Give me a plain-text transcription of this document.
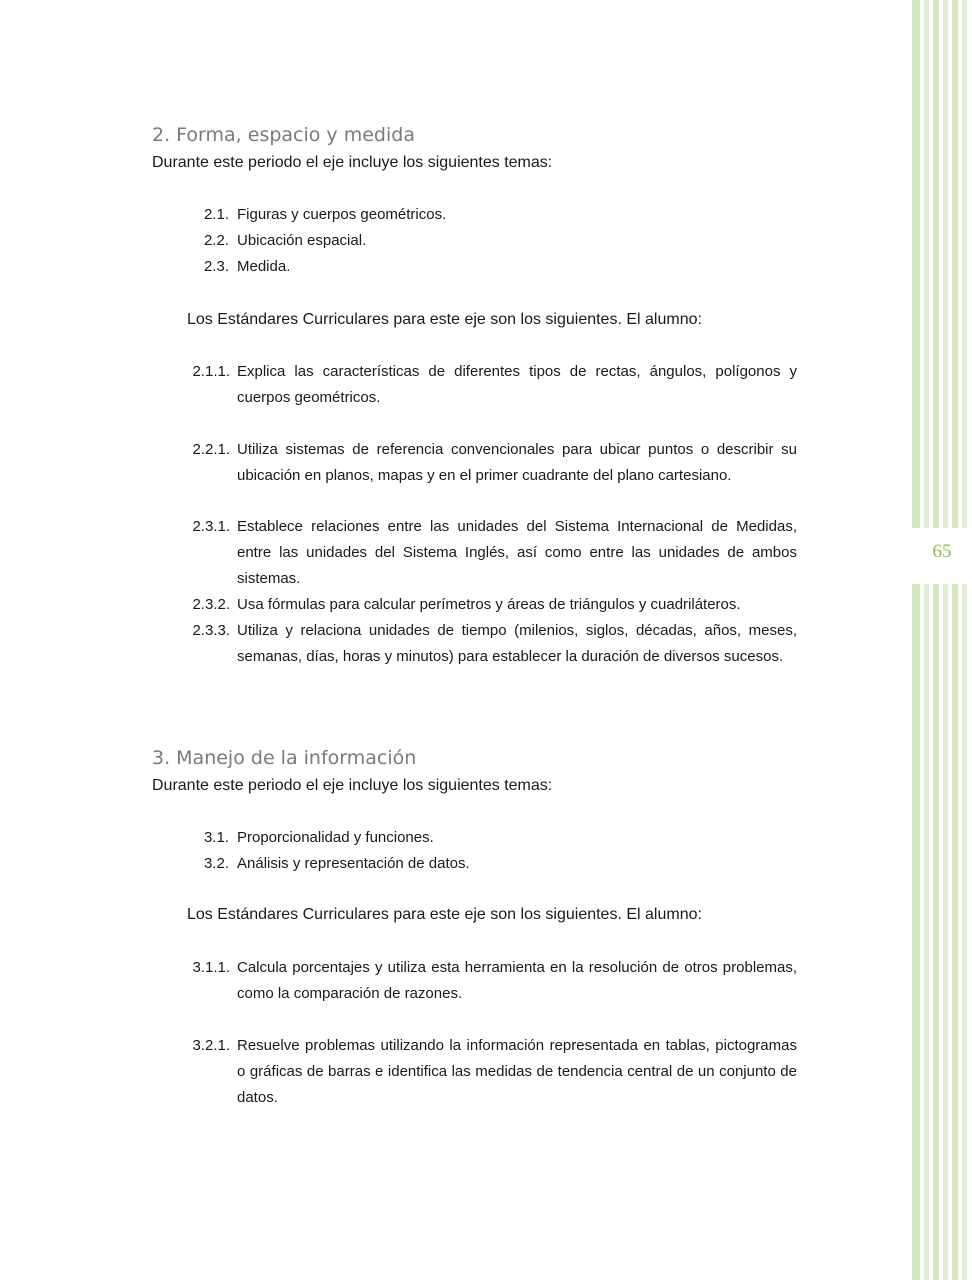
65
2. Forma, espacio y medida
Durante este periodo el eje incluye los siguientes temas:
2.1. Figuras y cuerpos geométricos.
2.2. Ubicación espacial.
2.3. Medida.
Los Estándares Curriculares para este eje son los siguientes. El alumno:
2.1.1. Explica las características de diferentes tipos de rectas, ángulos, polígonos y cuerpos geométricos.
2.2.1. Utiliza sistemas de referencia convencionales para ubicar puntos o describir su ubicación en planos, mapas y en el primer cuadrante del plano cartesiano.
2.3.1. Establece relaciones entre las unidades del Sistema Internacional de Medidas, entre las unidades del Sistema Inglés, así como entre las unidades de ambos sistemas.
2.3.2. Usa fórmulas para calcular perímetros y áreas de triángulos y cuadriláteros.
2.3.3. Utiliza y relaciona unidades de tiempo (milenios, siglos, décadas, años, meses, semanas, días, horas y minutos) para establecer la duración de diversos sucesos.
3. Manejo de la información
Durante este periodo el eje incluye los siguientes temas:
3.1. Proporcionalidad y funciones.
3.2. Análisis y representación de datos.
Los Estándares Curriculares para este eje son los siguientes. El alumno:
3.1.1. Calcula porcentajes y utiliza esta herramienta en la resolución de otros problemas, como la comparación de razones.
3.2.1. Resuelve problemas utilizando la información representada en tablas, pictogramas o gráficas de barras e identifica las medidas de tendencia central de un conjunto de datos.
